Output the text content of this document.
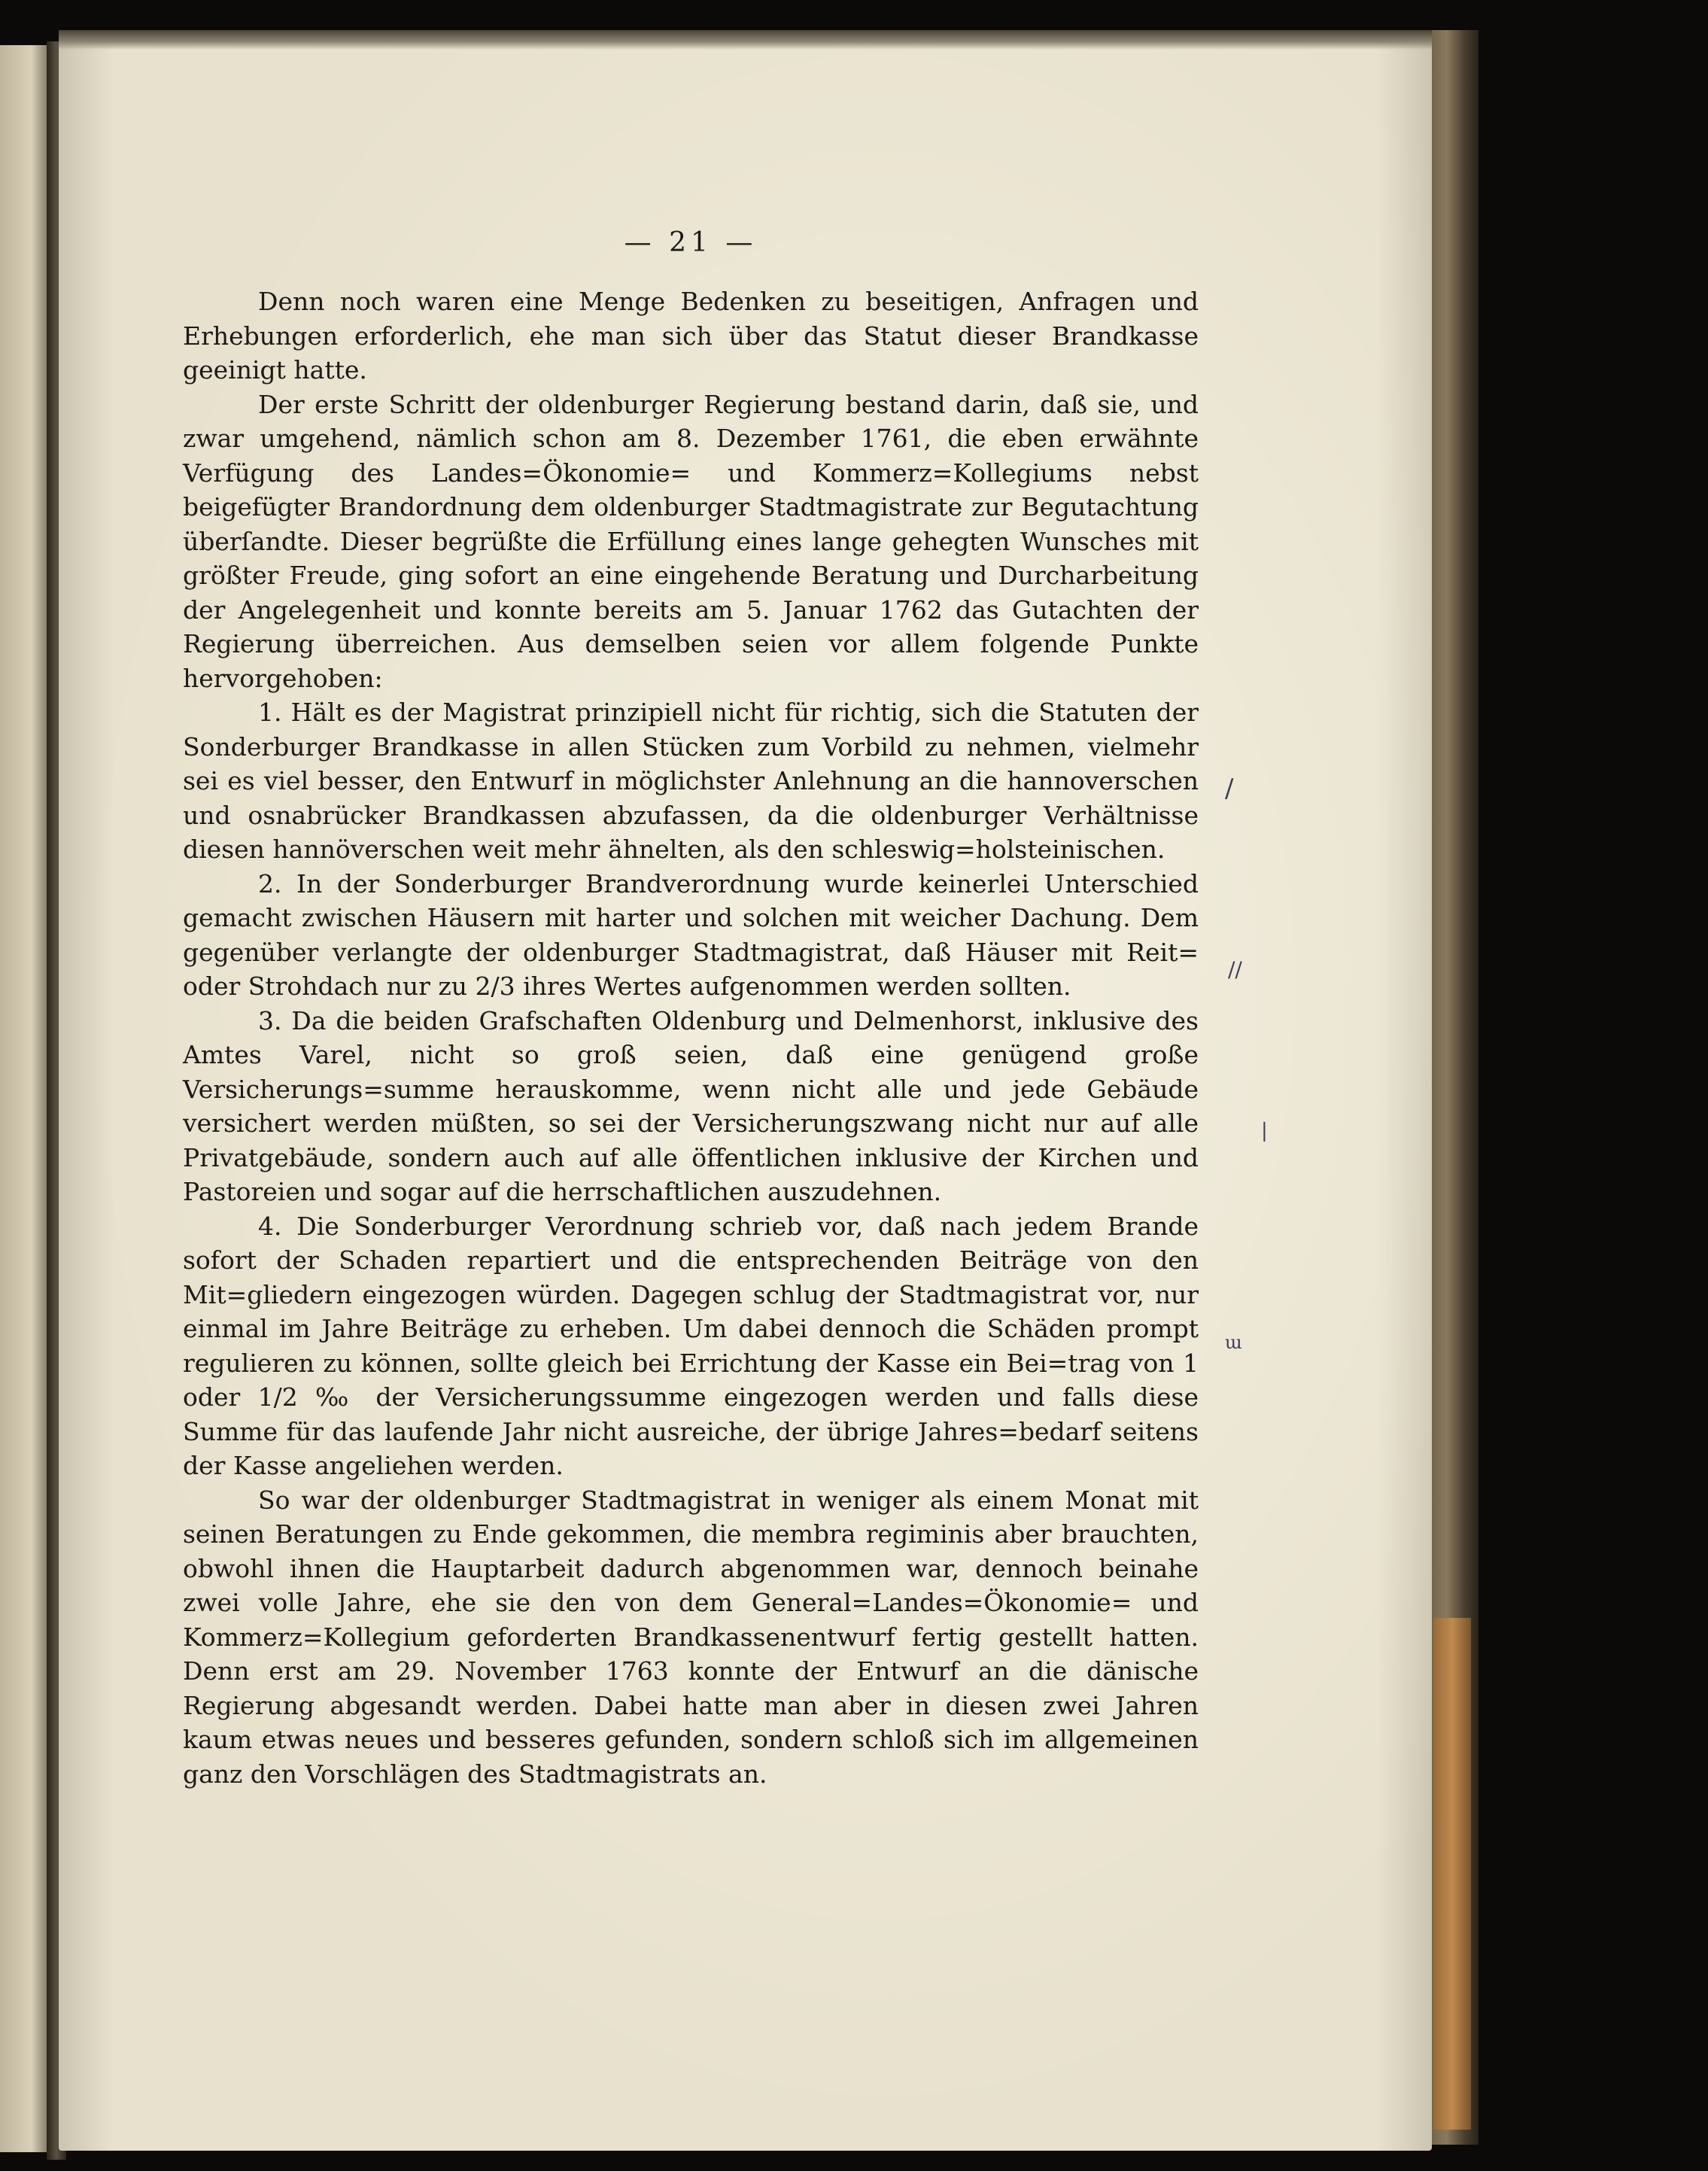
— 21 —

Denn noch waren eine Menge Bedenken zu beseitigen, Anfragen und Erhebungen erforderlich, ehe man sich über das Statut dieser Brandkasse geeinigt hatte.

Der erste Schritt der oldenburger Regierung bestand darin, daß sie, und zwar umgehend, nämlich schon am 8. Dezember 1761, die eben erwähnte Verfügung des Landes=Ökonomie= und Kommerz=Kollegiums nebst beigefügter Brandordnung dem oldenburger Stadtmagistrate zur Begutachtung überſandte. Dieser begrüßte die Erfüllung eines lange gehegten Wunsches mit größter Freude, ging sofort an eine eingehende Beratung und Durcharbeitung der Angelegenheit und konnte bereits am 5. Januar 1762 das Gutachten der Regierung überreichen. Aus demselben seien vor allem folgende Punkte hervorgehoben:

1. Hält es der Magistrat prinzipiell nicht für richtig, sich die Statuten der Sonderburger Brandkasse in allen Stücken zum Vorbild zu nehmen, vielmehr sei es viel besser, den Entwurf in möglichster Anlehnung an die hannoverschen und osnabrücker Brandkassen abzufassen, da die oldenburger Verhältnisse diesen hannöverschen weit mehr ähnelten, als den schleswig=holsteinischen.

2. In der Sonderburger Brandverordnung wurde keinerlei Unterschied gemacht zwischen Häusern mit harter und solchen mit weicher Dachung. Dem gegenüber verlangte der oldenburger Stadtmagistrat, daß Häuser mit Reit= oder Strohdach nur zu 2/3 ihres Wertes aufgenommen werden sollten.

3. Da die beiden Grafschaften Oldenburg und Delmenhorst, inklusive des Amtes Varel, nicht so groß seien, daß eine genügend große Versicherungs=summe herauskomme, wenn nicht alle und jede Gebäude versichert werden müßten, so sei der Versicherungszwang nicht nur auf alle Privatgebäude, sondern auch auf alle öffentlichen inklusive der Kirchen und Pastoreien und sogar auf die herrschaftlichen auszudehnen.

4. Die Sonderburger Verordnung schrieb vor, daß nach jedem Brande sofort der Schaden repartiert und die entsprechenden Beiträge von den Mit=gliedern eingezogen würden. Dagegen schlug der Stadtmagistrat vor, nur einmal im Jahre Beiträge zu erheben. Um dabei dennoch die Schäden prompt regulieren zu können, sollte gleich bei Errichtung der Kasse ein Bei=trag von 1 oder 1/2 ‰ der Versicherungssumme eingezogen werden und falls diese Summe für das laufende Jahr nicht ausreiche, der übrige Jahres=bedarf seitens der Kasse angeliehen werden.

So war der oldenburger Stadtmagistrat in weniger als einem Monat mit seinen Beratungen zu Ende gekommen, die membra regiminis aber brauchten, obwohl ihnen die Hauptarbeit dadurch abgenommen war, dennoch beinahe zwei volle Jahre, ehe sie den von dem General=Landes=Ökonomie= und Kommerz=Kollegium geforderten Brandkassenentwurf fertig gestellt hatten. Denn erst am 29. November 1763 konnte der Entwurf an die dänische Regierung abgesandt werden. Dabei hatte man aber in diesen zwei Jahren kaum etwas neues und besseres gefunden, sondern schloß sich im allgemeinen ganz den Vorschlägen des Stadtmagistrats an.

/
//
|
ɯ
